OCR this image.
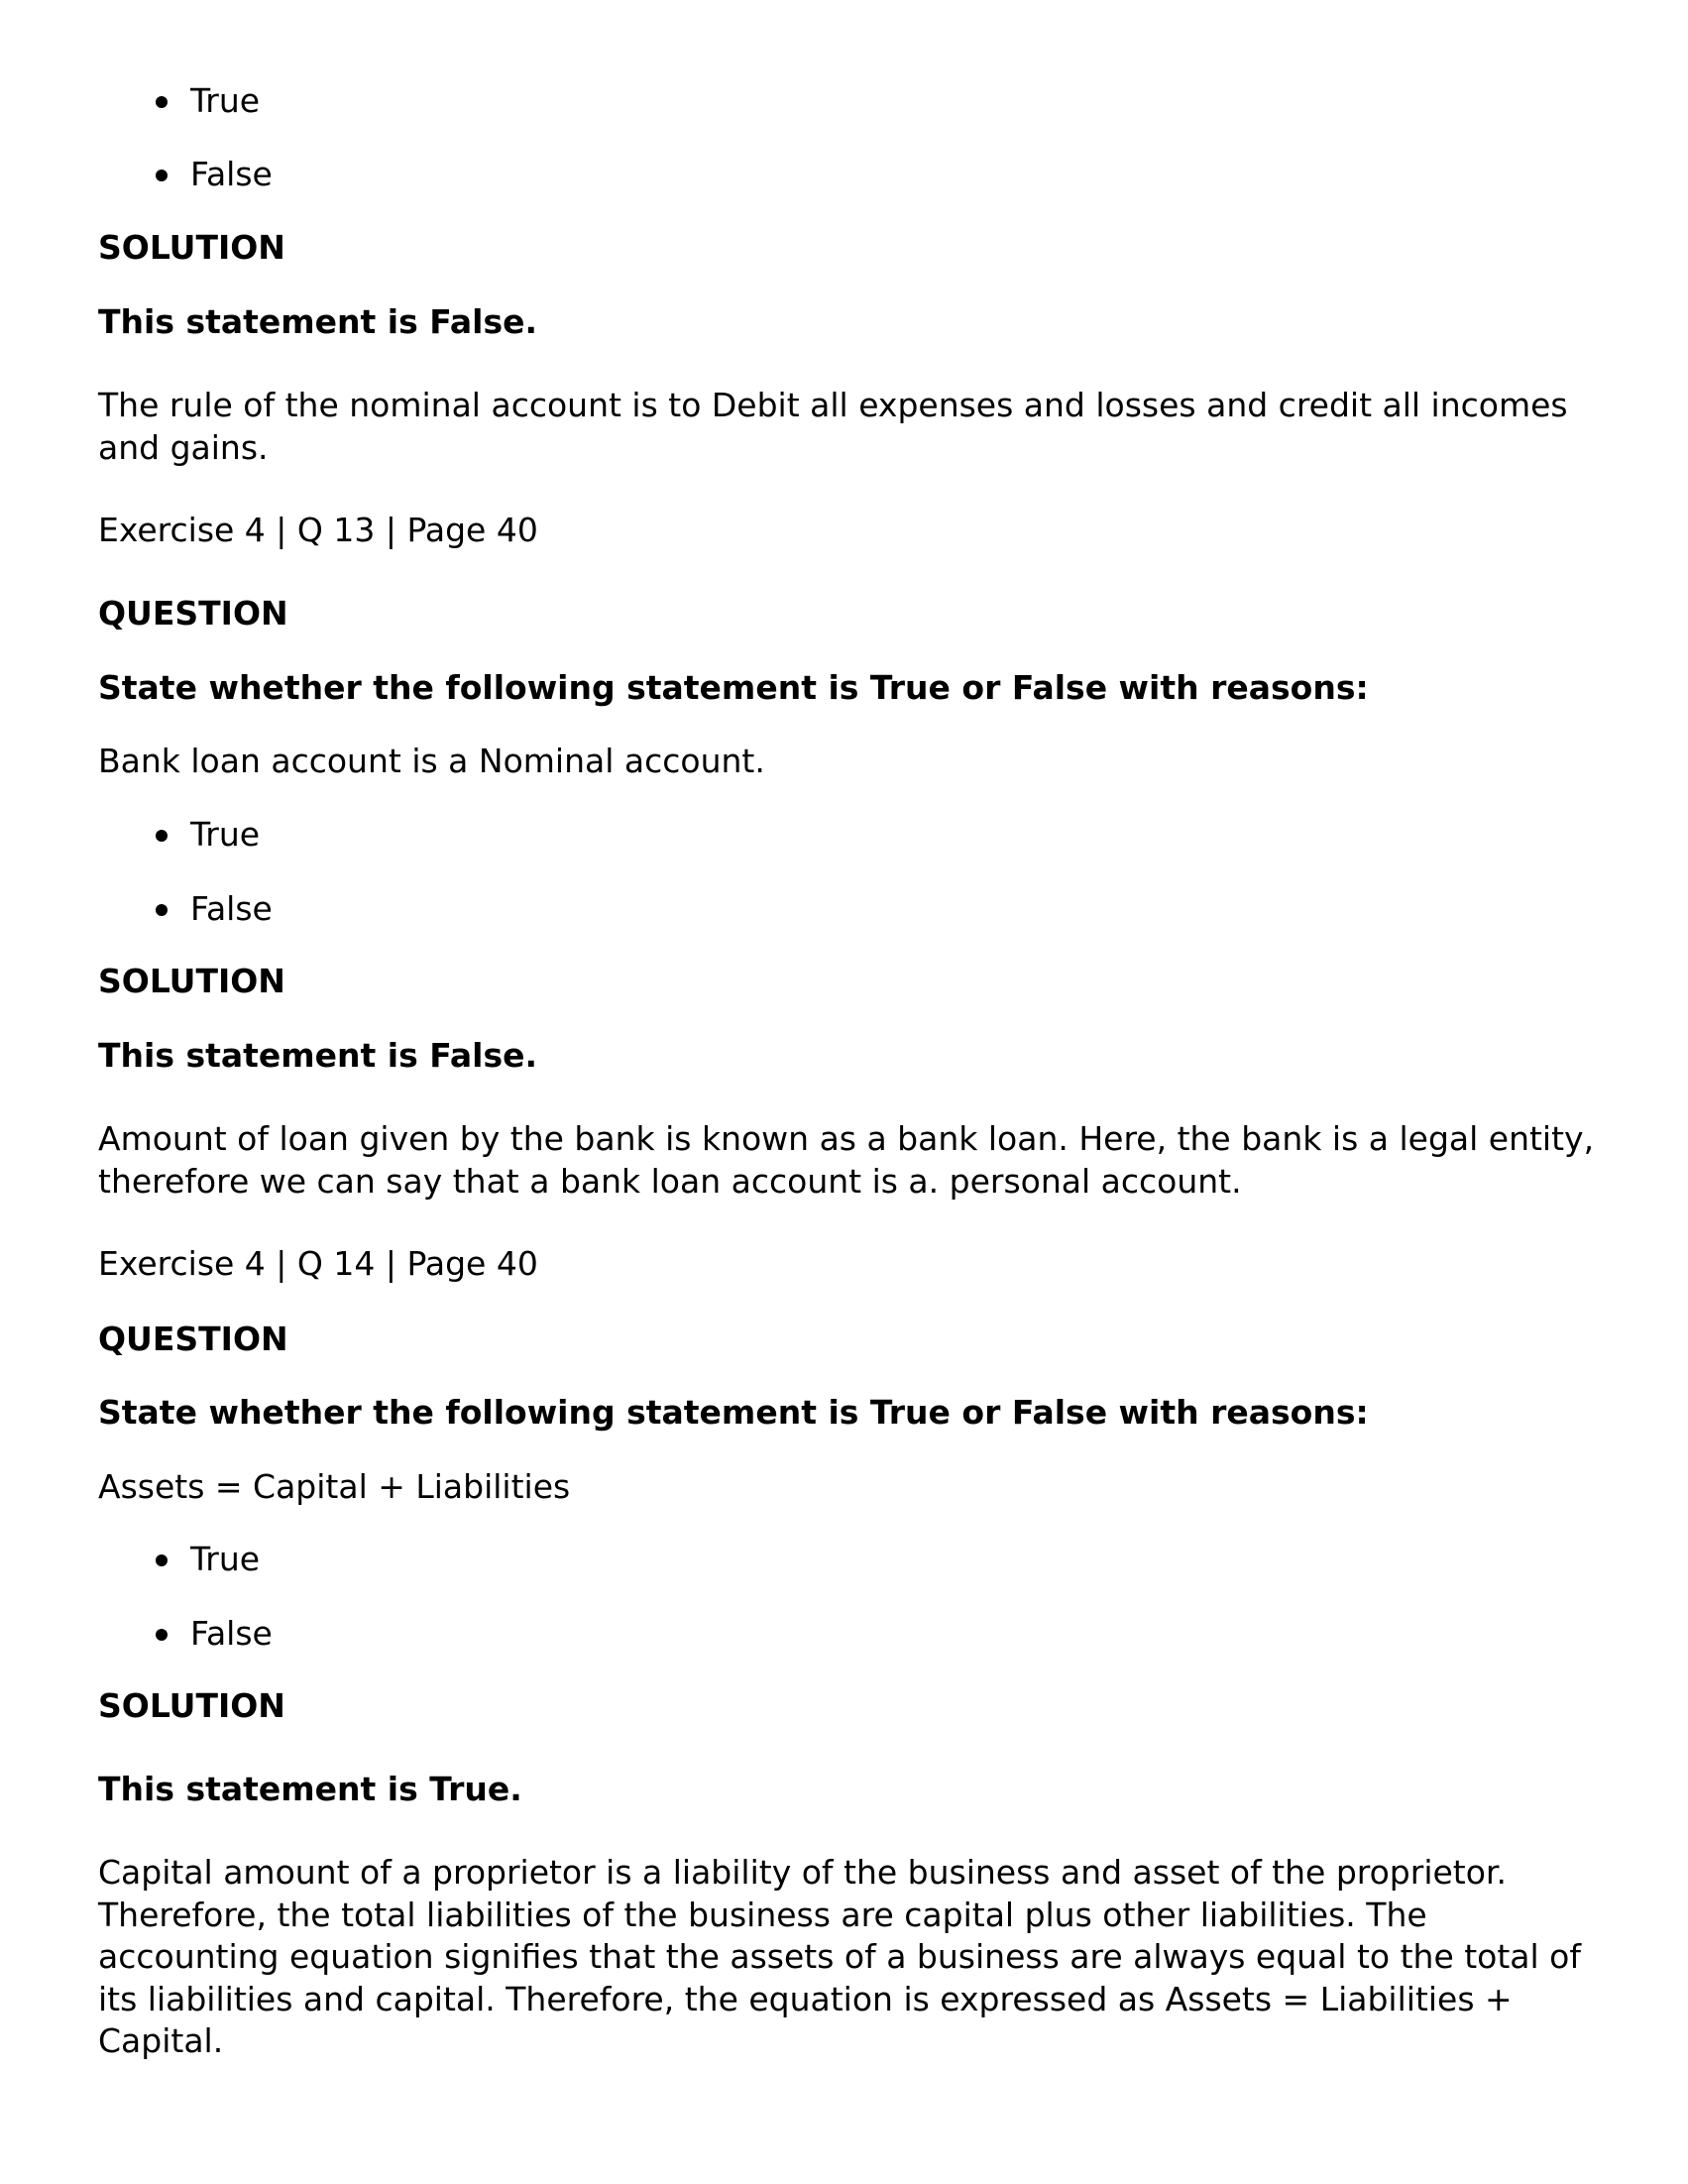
True
False
SOLUTION
This statement is False.
The rule of the nominal account is to Debit all expenses and losses and credit all incomes and gains.
Exercise 4 | Q 13 | Page 40
QUESTION
State whether the following statement is True or False with reasons:
Bank loan account is a Nominal account.
True
False
SOLUTION
This statement is False.
Amount of loan given by the bank is known as a bank loan. Here, the bank is a legal entity, therefore we can say that a bank loan account is a. personal account.
Exercise 4 | Q 14 | Page 40
QUESTION
State whether the following statement is True or False with reasons:
Assets = Capital + Liabilities
True
False
SOLUTION
This statement is True.
Capital amount of a proprietor is a liability of the business and asset of the proprietor. Therefore, the total liabilities of the business are capital plus other liabilities. The accounting equation signifies that the assets of a business are always equal to the total of its liabilities and capital. Therefore, the equation is expressed as Assets = Liabilities + Capital.
